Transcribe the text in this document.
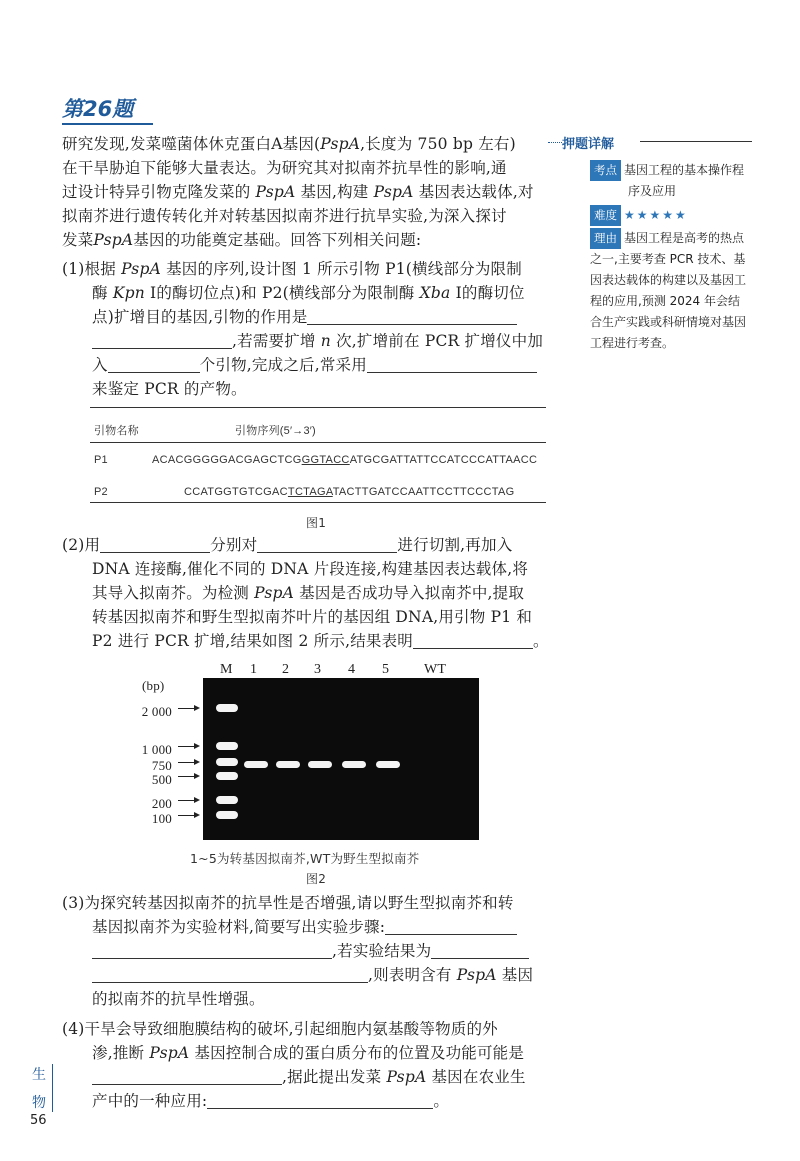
第26题
押题详解
考点 基因工程的基本操作程
序及应用
难度 ★★★★★
理由 基因工程是高考的热点
之一,主要考查 PCR 技术、基
因表达载体的构建以及基因工
程的应用,预测 2024 年会结
合生产实践或科研情境对基因
工程进行考查。
研究发现,发菜噬菌体休克蛋白A基因(PspA,长度为 750 bp 左右)
在干旱胁迫下能够大量表达。为研究其对拟南芥抗旱性的影响,通
过设计特异引物克隆发菜的 PspA 基因,构建 PspA 基因表达载体,对
拟南芥进行遗传转化并对转基因拟南芥进行抗旱实验,为深入探讨
发菜PspA基因的功能奠定基础。回答下列相关问题:
(1)根据 PspA 基因的序列,设计图 1 所示引物 P1(横线部分为限制
酶 Kpn Ⅰ的酶切位点)和 P2(横线部分为限制酶 Xba Ⅰ的酶切位
点)扩增目的基因,引物的作用是
,若需要扩增 n 次,扩增前在 PCR 扩增仪中加
入	个引物,完成之后,常采用
来鉴定 PCR 的产物。
引物名称	引物序列(5′→3′)
P1	ACACGGGGGACGAGCTCGGGTACCATGCGATTATTCCATCCCATTAACC
P2	CCATGGTGTCGACTCTAGATACTTGATCCAATTCCTTCCCTAG
图1
(2)用	分别对	进行切割,再加入
DNA 连接酶,催化不同的 DNA 片段连接,构建基因表达载体,将
其导入拟南芥。为检测 PspA 基因是否成功导入拟南芥中,提取
转基因拟南芥和野生型拟南芥叶片的基因组 DNA,用引物 P1 和
P2 进行 PCR 扩增,结果如图 2 所示,结果表明	。
(bp)
M 1 2 3 4 5 WT
2 000
1 000
750
500
200
100
1~5为转基因拟南芥,WT为野生型拟南芥
图2
(3)为探究转基因拟南芥的抗旱性是否增强,请以野生型拟南芥和转
基因拟南芥为实验材料,简要写出实验步骤:
,若实验结果为
,则表明含有 PspA 基因
的拟南芥的抗旱性增强。
(4)干旱会导致细胞膜结构的破坏,引起细胞内氨基酸等物质的外
渗,推断 PspA 基因控制合成的蛋白质分布的位置及功能可能是
,据此提出发菜 PspA 基因在农业生
产中的一种应用:	。
生
物
56
